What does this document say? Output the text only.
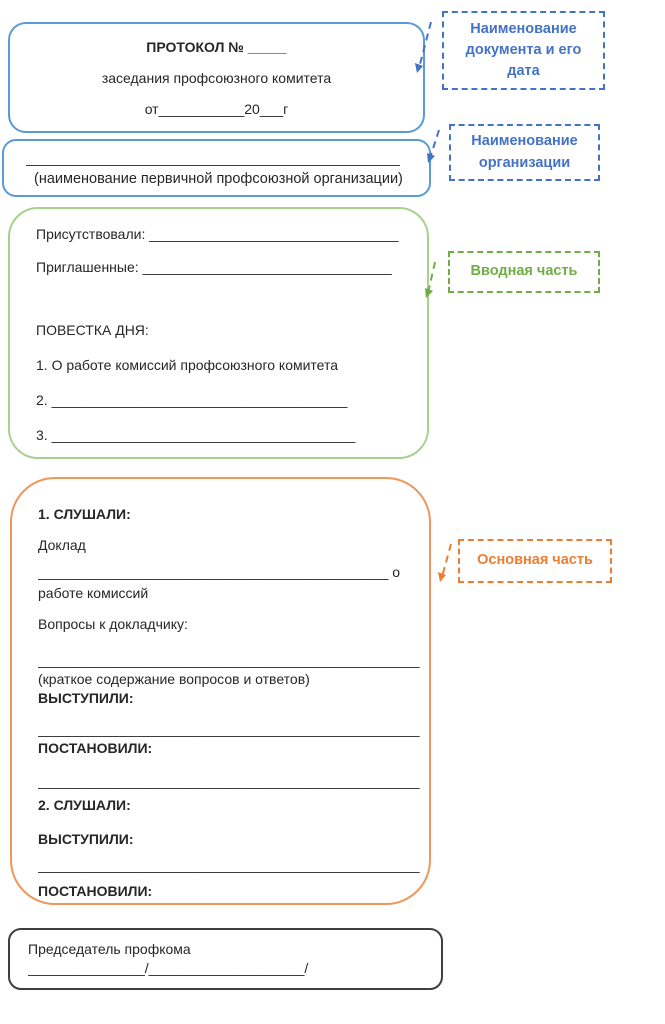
ПРОТОКОЛ № _____
заседания профсоюзного комитета
от___________20___г
________________________________________________
(наименование первичной профсоюзной организации)
Присутствовали: ________________________________
Приглашенные: ________________________________
ПОВЕСТКА ДНЯ:
1. О работе комиссий профсоюзного комитета
2. ______________________________________
3. _______________________________________
1. СЛУШАЛИ:
Доклад
_____________________________________________ о
работе комиссий
Вопросы к докладчику:
_________________________________________________
(краткое содержание вопросов и ответов)
ВЫСТУПИЛИ:
_________________________________________________
ПОСТАНОВИЛИ:
_________________________________________________
2. СЛУШАЛИ:
ВЫСТУПИЛИ:
_________________________________________________
ПОСТАНОВИЛИ:
Председатель профкома
_______________/____________________/
Наименование документа и его дата
Наименование организации
Вводная часть
Основная часть
